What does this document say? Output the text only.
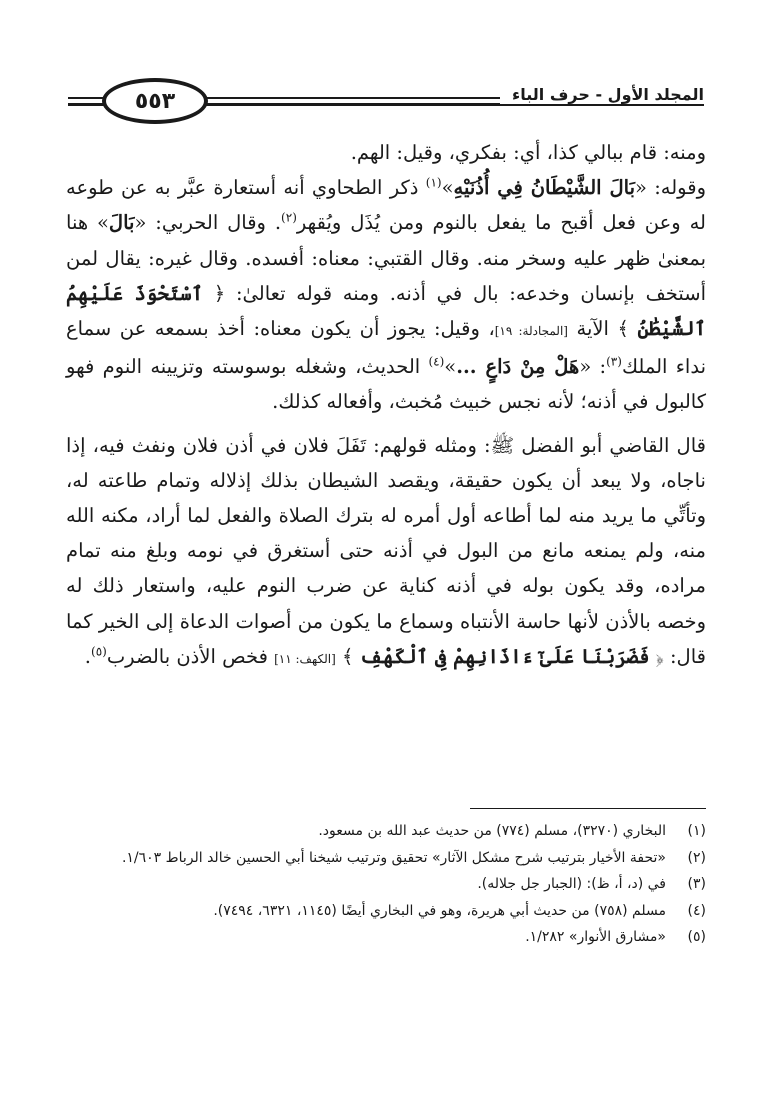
المجلد الأول - حرف الباء
٥٥٣

ومنه: قام ببالي كذا، أي: بفكري، وقيل: الهم.
وقوله: «بَالَ الشَّيْطَانُ فِي أُذُنَيْهِ»$^{(١)}$ ذكر الطحاوي أنه أستعارة عبَّر به عن طوعه له وعن فعل أقبح ما يفعل بالنوم ومن يُذَل ويُقهر$^{(٢)}$. وقال الحربي: «بَالَ» هنا بمعنىٰ ظهر عليه وسخر منه. وقال القتبي: معناه: أفسده. وقال غيره: يقال لمن أستخف بإنسان وخدعه: بال في أذنه. ومنه قوله تعالىٰ: ﴿ ٱسْتَحْوَذَ عَلَيْهِمُ ٱلشَّيْطَٰنُ ﴾ الآية [المجادلة: ١٩]، وقيل: يجوز أن يكون معناه: أخذ بسمعه عن سماع نداء الملك$^{(٣)}$: «هَلْ مِنْ دَاعٍ ...»$^{(٤)}$ الحديث، وشغله بوسوسته وتزيينه النوم فهو كالبول في أذنه؛ لأنه نجس خبيث مُخبث، وأفعاله كذلك.

قال القاضي أبو الفضل ﷺ: ومثله قولهم: تَفَلَ فلان في أذن فلان ونفث فيه، إذا ناجاه، ولا يبعد أن يكون حقيقة، ويقصد الشيطان بذلك إذلاله وتمام طاعته له، وتأتِّي ما يريد منه لما أطاعه أول أمره له بترك الصلاة والفعل لما أراد، مكنه الله منه، ولم يمنعه مانع من البول في أذنه حتى أستغرق في نومه وبلغ منه تمام مراده، وقد يكون بوله في أذنه كناية عن ضرب النوم عليه، واستعار ذلك له وخصه بالأذن لأنها حاسة الأنتباه وسماع ما يكون من أصوات الدعاة إلى الخير كما قال: ﴿ فَضَرَبْنَا عَلَىٰٓ ءَاذَانِهِمْ فِى ٱلْكَهْفِ ﴾ [الكهف: ١١] فخص الأذن بالضرب$^{(٥)}$.

(١)
البخاري (٣٢٧٠)، مسلم (٧٧٤) من حديث عبد الله بن مسعود.
(٢)
«تحفة الأخيار بترتيب شرح مشكل الآثار» تحقيق وترتيب شيخنا أبي الحسين خالد الرباط ١/٦٠٣.
(٣)
في (د، أ، ظ): (الجبار جل جلاله).
(٤)
مسلم (٧٥٨) من حديث أبي هريرة، وهو في البخاري أيضًا (١١٤٥، ٦٣٢١، ٧٤٩٤).
(٥)
«مشارق الأنوار» ١/٢٨٢.
